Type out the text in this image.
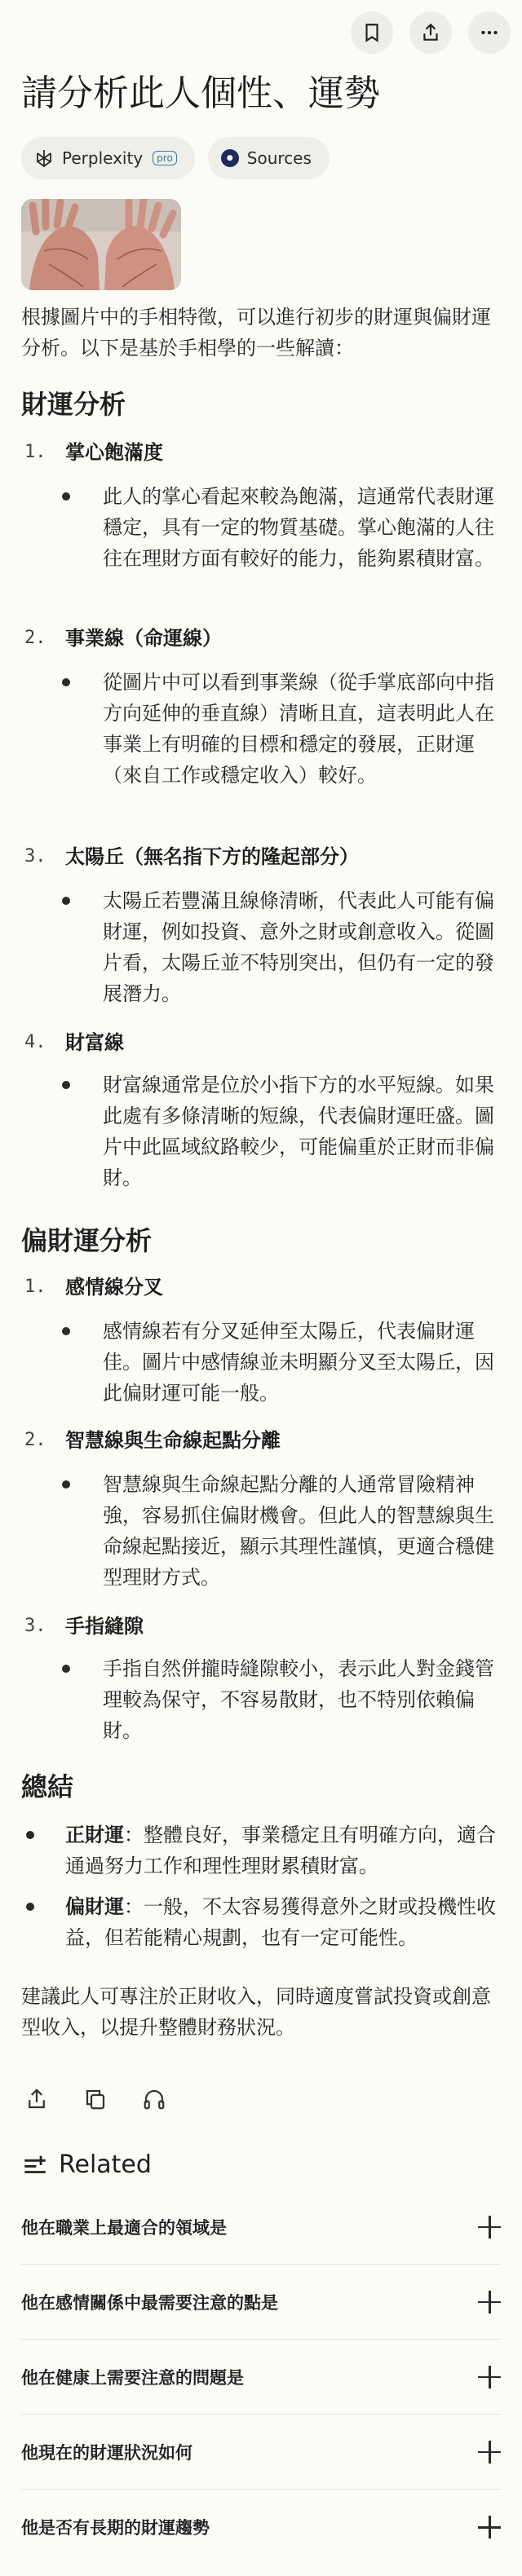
請分析此人個性、運勢
Perplexity	pro	● Sources

根據圖片中的手相特徵，可以進行初步的財運與偏財運分析。以下是基於手相學的一些解讀：

財運分析
1. 掌心飽滿度
此人的掌心看起來較為飽滿，這通常代表財運穩定，具有一定的物質基礎。掌心飽滿的人往往在理財方面有較好的能力，能夠累積財富。
2. 事業線（命運線）
從圖片中可以看到事業線（從手掌底部向中指方向延伸的垂直線）清晰且直，這表明此人在事業上有明確的目標和穩定的發展，正財運（來自工作或穩定收入）較好。
3. 太陽丘（無名指下方的隆起部分）
太陽丘若豐滿且線條清晰，代表此人可能有偏財運，例如投資、意外之財或創意收入。從圖片看，太陽丘並不特別突出，但仍有一定的發展潛力。
4. 財富線
財富線通常是位於小指下方的水平短線。如果此處有多條清晰的短線，代表偏財運旺盛。圖片中此區域紋路較少，可能偏重於正財而非偏財。
偏財運分析
1. 感情線分叉
感情線若有分叉延伸至太陽丘，代表偏財運佳。圖片中感情線並未明顯分叉至太陽丘，因此偏財運可能一般。
2. 智慧線與生命線起點分離
智慧線與生命線起點分離的人通常冒險精神強，容易抓住偏財機會。但此人的智慧線與生命線起點接近，顯示其理性謹慎，更適合穩健型理財方式。
3. 手指縫隙
手指自然併攏時縫隙較小，表示此人對金錢管理較為保守，不容易散財，也不特別依賴偏財。
總結
正財運：整體良好，事業穩定且有明確方向，適合通過努力工作和理性理財累積財富。
偏財運：一般，不太容易獲得意外之財或投機性收益，但若能精心規劃，也有一定可能性。

建議此人可專注於正財收入，同時適度嘗試投資或創意型收入，以提升整體財務狀況。

Related
他在職業上最適合的領域是
他在感情關係中最需要注意的點是
他在健康上需要注意的問題是
他現在的財運狀況如何
他是否有長期的財運趨勢
